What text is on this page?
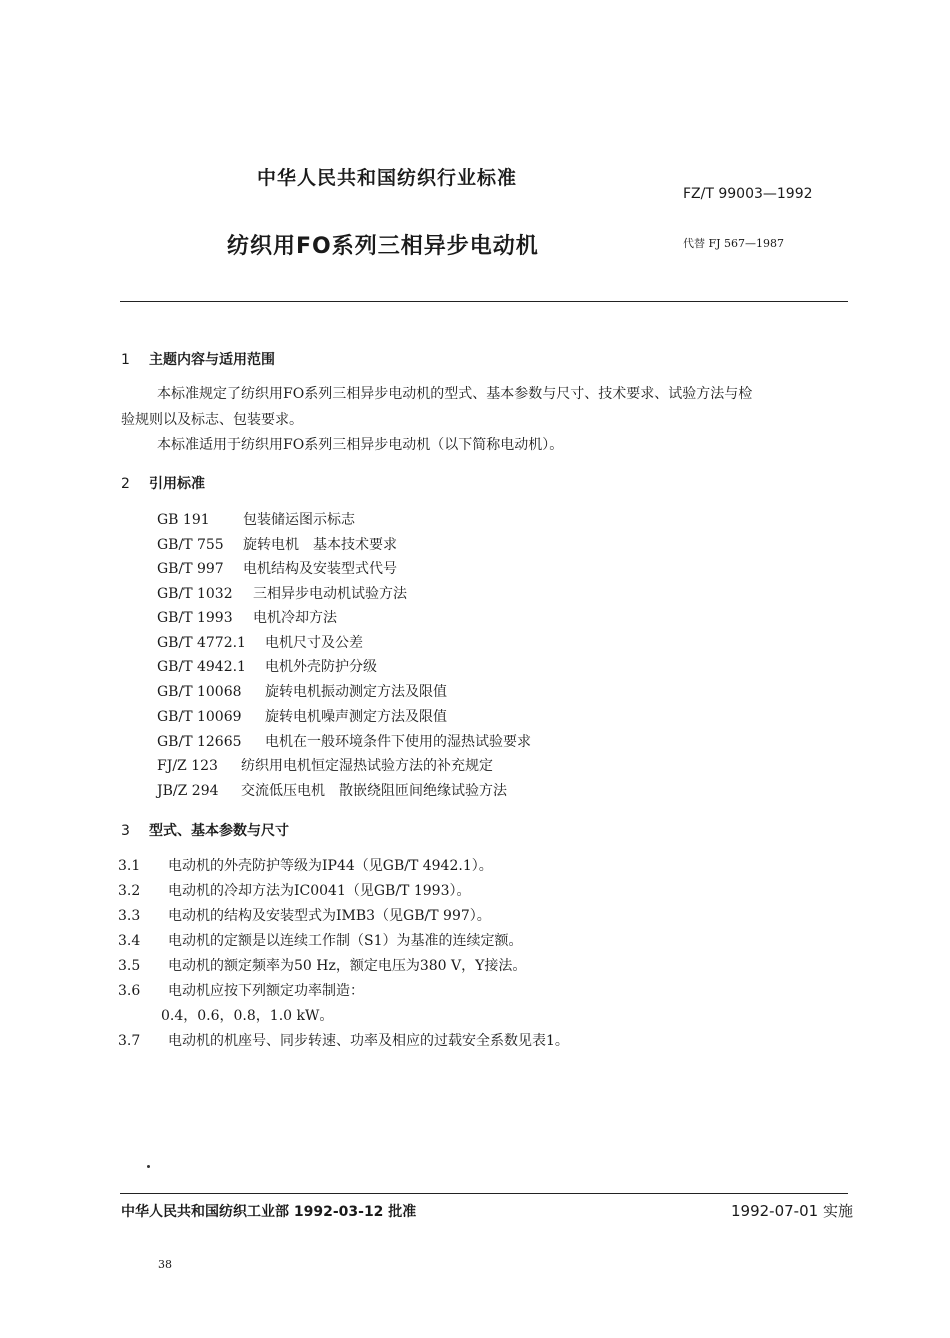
中华人民共和国纺织行业标准
FZ/T 99003—1992
纺织用FO系列三相异步电动机	代替 FJ 567—1987
1 主题内容与适用范围
本标准规定了纺织用FO系列三相异步电动机的型式、基本参数与尺寸、技术要求、试验方法与检
验规则以及标志、包装要求。
本标准适用于纺织用FO系列三相异步电动机（以下简称电动机）。
2 引用标准
GB 191 包装储运图示标志
GB/T 755 旋转电机　基本技术要求
GB/T 997 电机结构及安装型式代号
GB/T 1032 三相异步电动机试验方法
GB/T 1993 电机冷却方法
GB/T 4772.1 电机尺寸及公差
GB/T 4942.1 电机外壳防护分级
GB/T 10068 旋转电机振动测定方法及限值
GB/T 10069 旋转电机噪声测定方法及限值
GB/T 12665 电机在一般环境条件下使用的湿热试验要求
FJ/Z 123 纺织用电机恒定湿热试验方法的补充规定
JB/Z 294 交流低压电机　散嵌绕阻匝间绝缘试验方法
3 型式、基本参数与尺寸
3.1 电动机的外壳防护等级为IP44（见GB/T 4942.1）。
3.2 电动机的冷却方法为IC0041（见GB/T 1993）。
3.3 电动机的结构及安装型式为IMB3（见GB/T 997）。
3.4 电动机的定额是以连续工作制（S1）为基准的连续定额。
3.5 电动机的额定频率为50 Hz，额定电压为380 V，Y接法。
3.6 电动机应按下列额定功率制造：
0.4，0.6，0.8，1.0 kW。
3.7 电动机的机座号、同步转速、功率及相应的过载安全系数见表1。
中华人民共和国纺织工业部 1992-03-12 批准	1992-07-01 实施
38
